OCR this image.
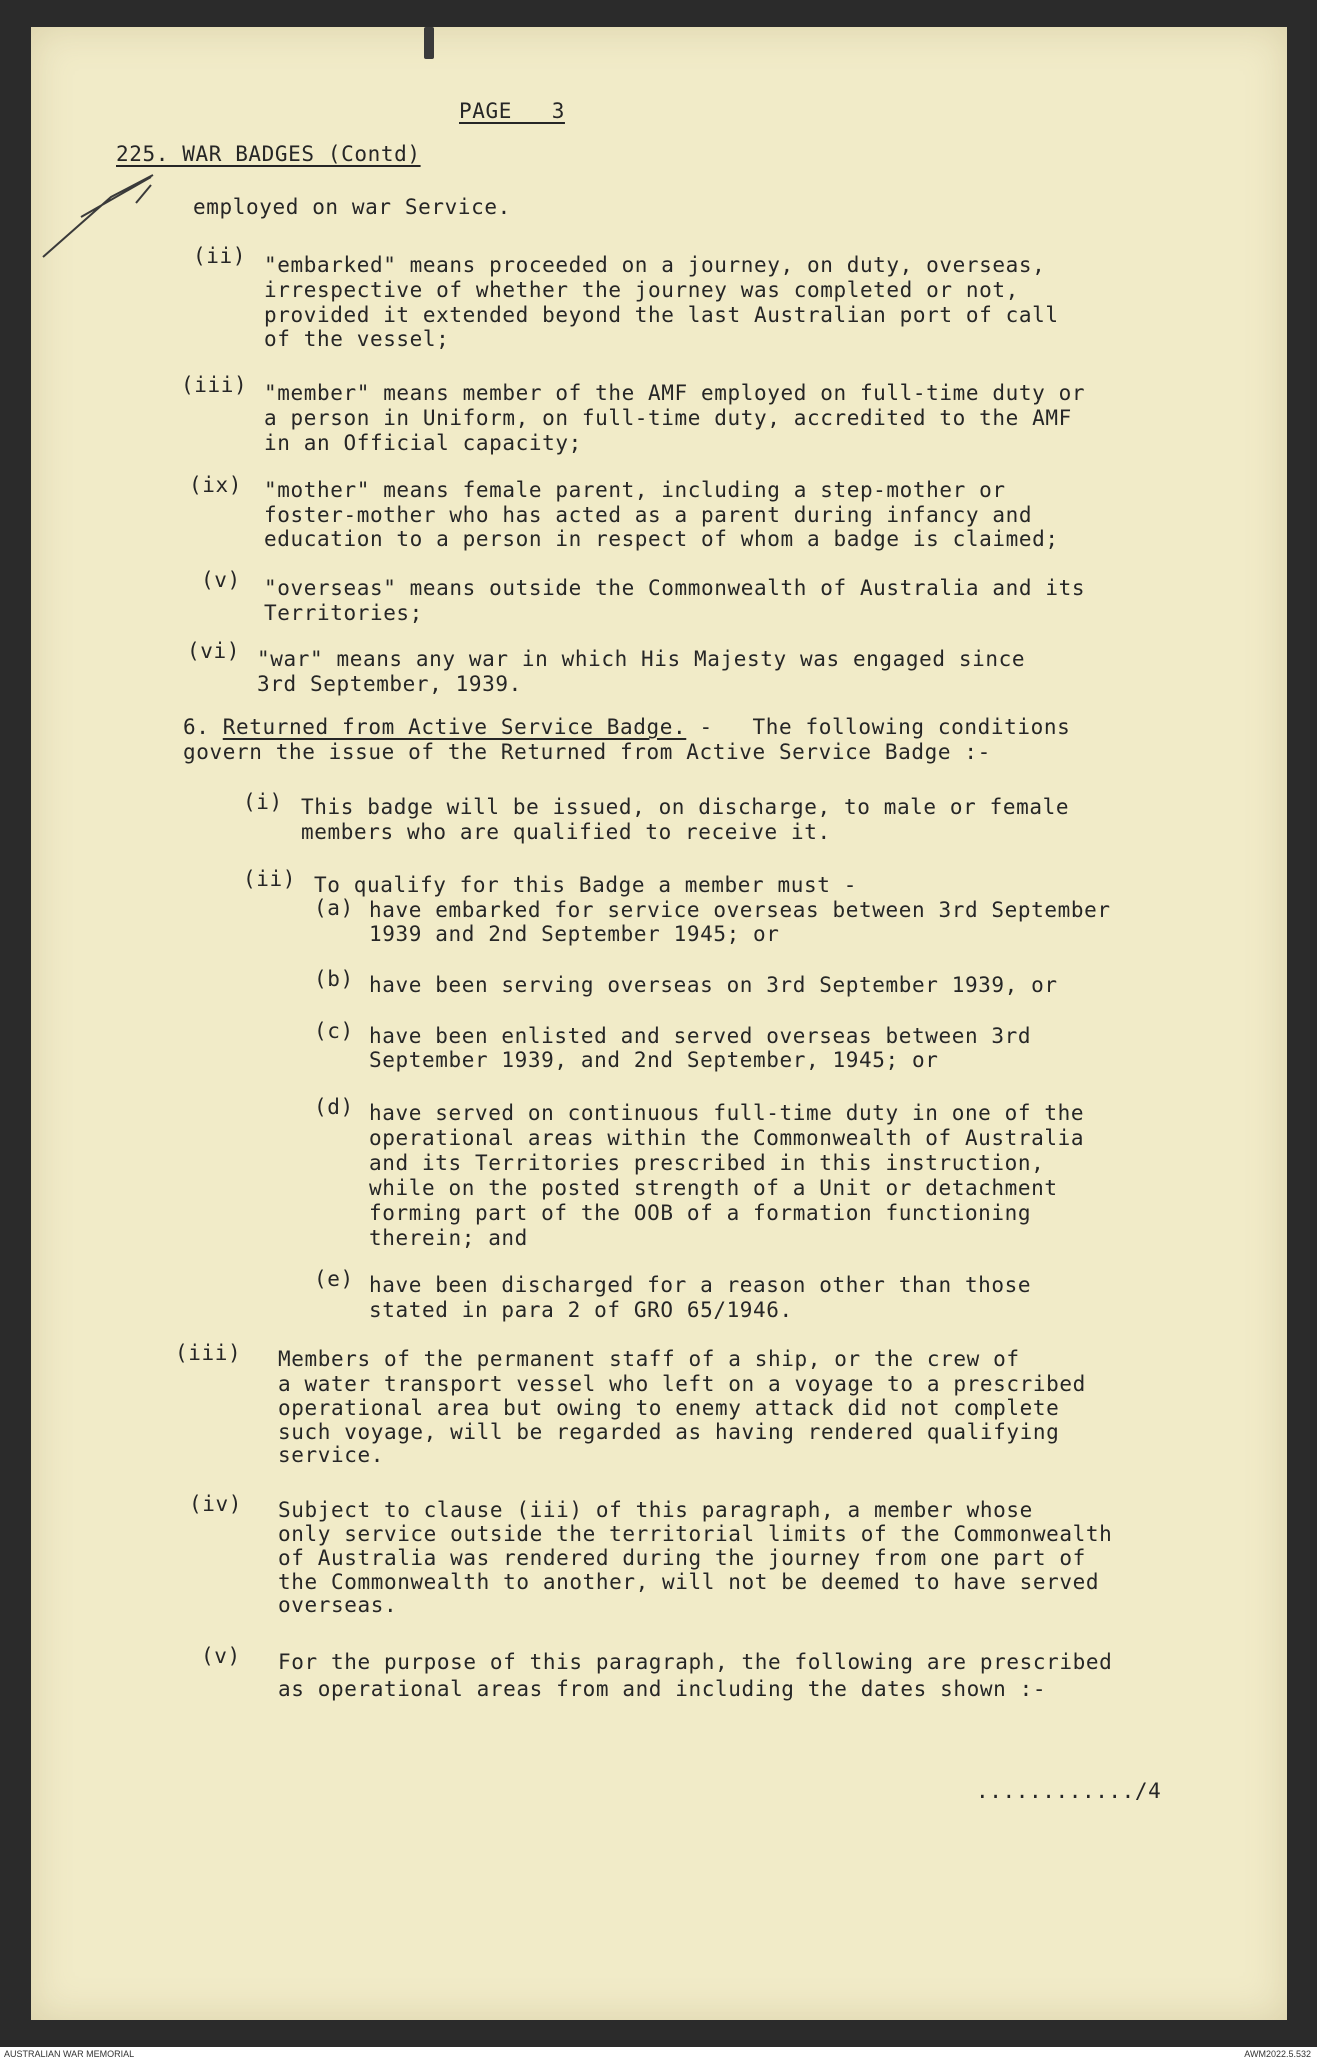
PAGE   3
225. WAR BADGES (Contd)
employed on war Service.
(ii) "embarked" means proceeded on a journey, on duty, overseas,
irrespective of whether the journey was completed or not,
provided it extended beyond the last Australian port of call
of the vessel;
(iii) "member" means member of the AMF employed on full-time duty or
a person in Uniform, on full-time duty, accredited to the AMF
in an Official capacity;
(ix) "mother" means female parent, including a step-mother or
foster-mother who has acted as a parent during infancy and
education to a person in respect of whom a badge is claimed;
(v) "overseas" means outside the Commonwealth of Australia and its
Territories;
(vi) "war" means any war in which His Majesty was engaged since
3rd September, 1939.
6. Returned from Active Service Badge. -   The following conditions
govern the issue of the Returned from Active Service Badge :-
(i) This badge will be issued, on discharge, to male or female
members who are qualified to receive it.
(ii) To qualify for this Badge a member must -
(a) have embarked for service overseas between 3rd September
1939 and 2nd September 1945; or
(b) have been serving overseas on 3rd September 1939, or
(c) have been enlisted and served overseas between 3rd
September 1939, and 2nd September, 1945; or
(d) have served on continuous full-time duty in one of the
operational areas within the Commonwealth of Australia
and its Territories prescribed in this instruction,
while on the posted strength of a Unit or detachment
forming part of the OOB of a formation functioning
therein; and
(e) have been discharged for a reason other than those
stated in para 2 of GRO 65/1946.
(iii) Members of the permanent staff of a ship, or the crew of
a water transport vessel who left on a voyage to a prescribed
operational area but owing to enemy attack did not complete
such voyage, will be regarded as having rendered qualifying
service.
(iv) Subject to clause (iii) of this paragraph, a member whose
only service outside the territorial limits of the Commonwealth
of Australia was rendered during the journey from one part of
the Commonwealth to another, will not be deemed to have served
overseas.
(v) For the purpose of this paragraph, the following are prescribed
as operational areas from and including the dates shown :-
............/4
AUSTRALIAN WAR MEMORIAL	AWM2022.5.532
